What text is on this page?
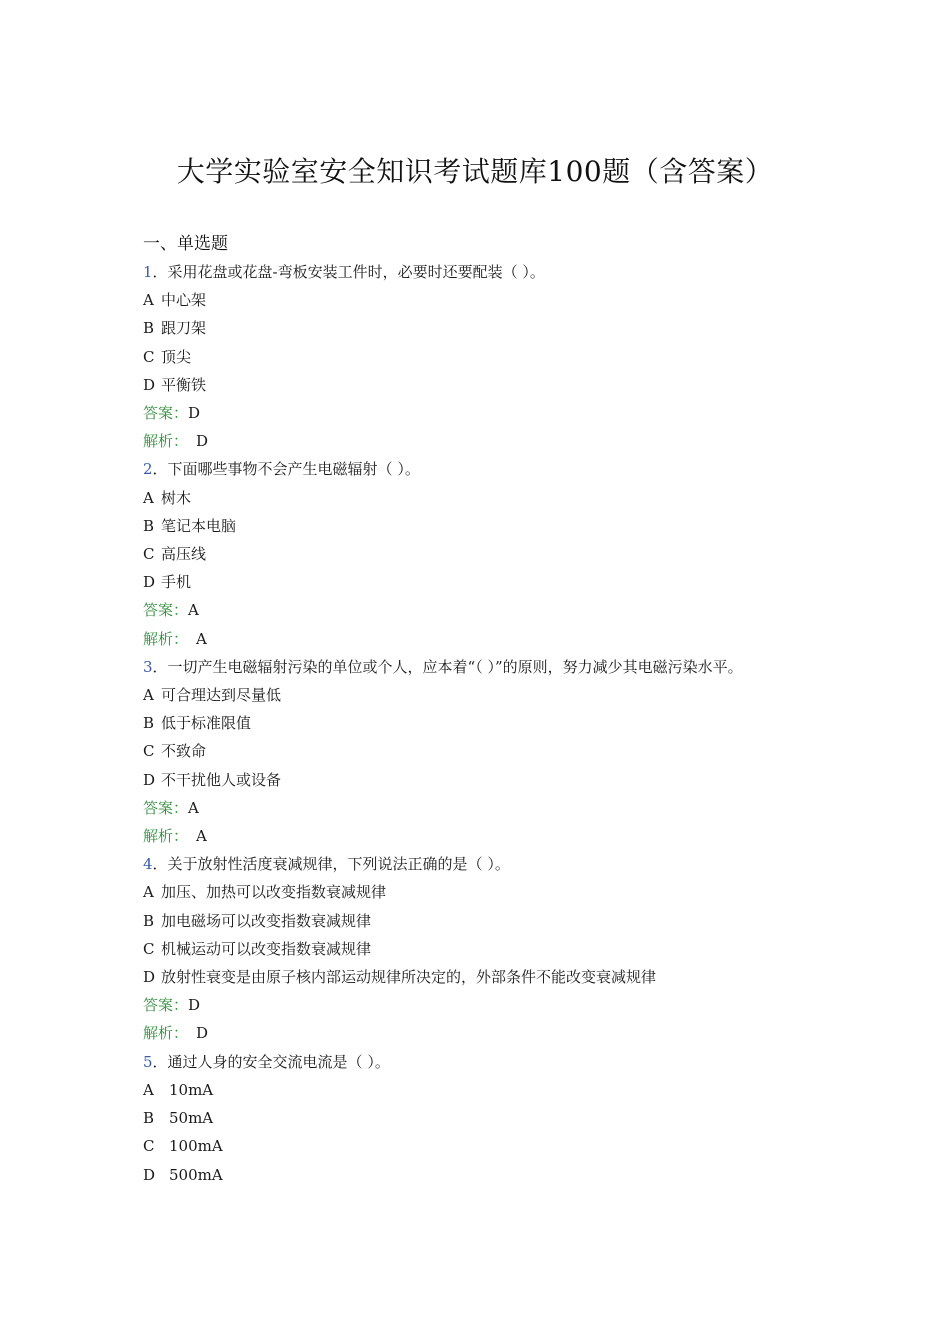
大学实验室安全知识考试题库100题（含答案）
一、单选题
1．采用花盘或花盘-弯板安装工件时，必要时还要配装（ ）。
A 中心架
B 跟刀架
C 顶尖
D 平衡铁
答案：D
解析： D
2．下面哪些事物不会产生电磁辐射（ ）。
A 树木
B 笔记本电脑
C 高压线
D 手机
答案：A
解析： A
3．一切产生电磁辐射污染的单位或个人，应本着“（ ）”的原则，努力减少其电磁污染水平。
A 可合理达到尽量低
B 低于标准限值
C 不致命
D 不干扰他人或设备
答案：A
解析： A
4．关于放射性活度衰减规律，下列说法正确的是（ ）。
A 加压、加热可以改变指数衰减规律
B 加电磁场可以改变指数衰减规律
C 机械运动可以改变指数衰减规律
D 放射性衰变是由原子核内部运动规律所决定的，外部条件不能改变衰减规律
答案：D
解析： D
5．通过人身的安全交流电流是（ ）。
A 10mA
B 50mA
C 100mA
D 500mA
